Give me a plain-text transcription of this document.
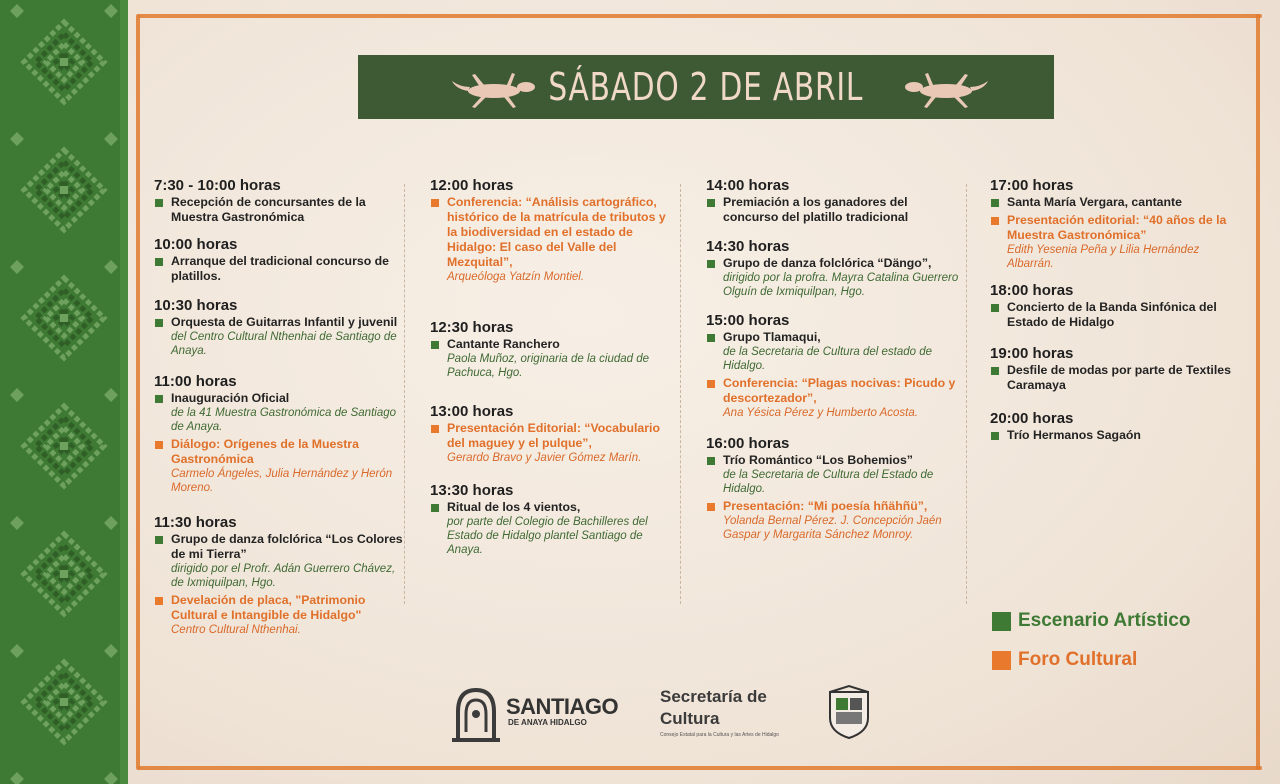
SÁBADO 2 DE ABRIL
7:30 - 10:00 horas
Recepción de concursantes de la Muestra Gastronómica
10:00 horas
Arranque del tradicional concurso de platillos.
10:30 horas
Orquesta de Guitarras Infantil y juvenil
del Centro Cultural Nthenhai de Santiago de Anaya.
11:00 horas
Inauguración Oficial
de la 41 Muestra Gastronómica de Santiago de Anaya.
Diálogo: Orígenes de la Muestra Gastronómica
Carmelo Ángeles, Julia Hernández y Herón Moreno.
11:30 horas
Grupo de danza folclórica “Los Colores de mi Tierra”
dirigido por el Profr. Adán Guerrero Chávez, de Ixmiquilpan, Hgo.
Develación de placa, "Patrimonio Cultural e Intangible de Hidalgo"
Centro Cultural Nthenhai.
12:00 horas
Conferencia: “Análisis cartográfico, histórico de la matrícula de tributos y la biodiversidad en el estado de Hidalgo: El caso del Valle del Mezquital”,
Arqueóloga Yatzín Montiel.
12:30 horas
Cantante Ranchero
Paola Muñoz, originaria de la ciudad de Pachuca, Hgo.
13:00 horas
Presentación Editorial: “Vocabulario del maguey y el pulque”,
Gerardo Bravo y Javier Gómez Marín.
13:30 horas
Ritual de los 4 vientos,
por parte del Colegio de Bachilleres del Estado de Hidalgo plantel Santiago de Anaya.
14:00 horas
Premiación a los ganadores del concurso del platillo tradicional
14:30 horas
Grupo de danza folclórica “Dängo”,
dirigido por la profra. Mayra Catalina Guerrero Olguín de Ixmiquilpan, Hgo.
15:00 horas
Grupo Tlamaqui,
de la Secretaria de Cultura del estado de Hidalgo.
Conferencia: “Plagas nocivas: Picudo y descortezador”,
Ana Yésica Pérez y Humberto Acosta.
16:00 horas
Trío Romántico “Los Bohemios”
de la Secretaria de Cultura del Estado de Hidalgo.
Presentación: “Mi poesía hñähñü”,
Yolanda Bernal Pérez. J. Concepción Jaén Gaspar y Margarita Sánchez Monroy.
17:00 horas
Santa María Vergara, cantante
Presentación editorial: “40 años de la Muestra Gastronómica”
Edith Yesenia Peña y Lilia Hernández Albarrán.
18:00 horas
Concierto de la Banda Sinfónica del Estado de Hidalgo
19:00 horas
Desfile de modas por parte de Textiles Caramaya
20:00 horas
Trío Hermanos Sagaón
Escenario Artístico
Foro Cultural
SANTIAGO
DE ANAYA HIDALGO
Secretaría de
Cultura
Consejo Estatal para la Cultura y las Artes de Hidalgo
